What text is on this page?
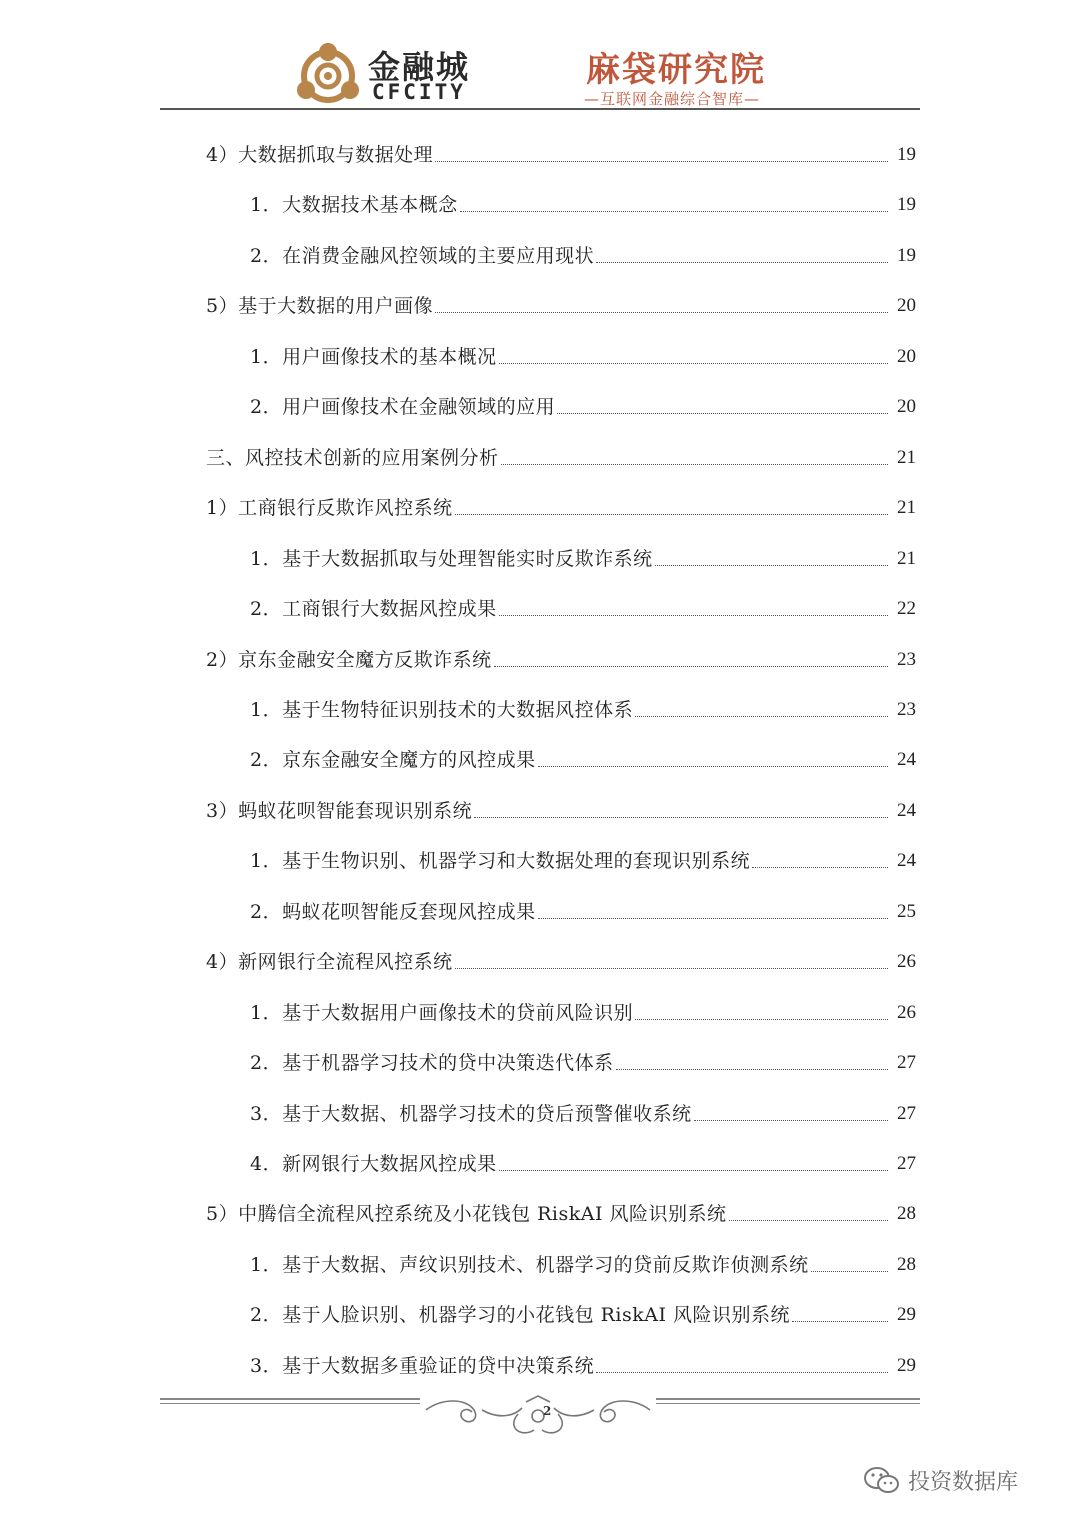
金融城
CFCITY
麻袋研究院
—互联网金融综合智库—
4）大数据抓取与数据处理	19
1．大数据技术基本概念	19
2．在消费金融风控领域的主要应用现状	19
5）基于大数据的用户画像	20
1．用户画像技术的基本概况	20
2．用户画像技术在金融领域的应用	20
三、风控技术创新的应用案例分析	21
1）工商银行反欺诈风控系统	21
1．基于大数据抓取与处理智能实时反欺诈系统	21
2．工商银行大数据风控成果	22
2）京东金融安全魔方反欺诈系统	23
1．基于生物特征识别技术的大数据风控体系	23
2．京东金融安全魔方的风控成果	24
3）蚂蚁花呗智能套现识别系统	24
1．基于生物识别、机器学习和大数据处理的套现识别系统	24
2．蚂蚁花呗智能反套现风控成果	25
4）新网银行全流程风控系统	26
1．基于大数据用户画像技术的贷前风险识别	26
2．基于机器学习技术的贷中决策迭代体系	27
3．基于大数据、机器学习技术的贷后预警催收系统	27
4．新网银行大数据风控成果	27
5）中腾信全流程风控系统及小花钱包 RiskAI 风险识别系统	28
1．基于大数据、声纹识别技术、机器学习的贷前反欺诈侦测系统	28
2．基于人脸识别、机器学习的小花钱包 RiskAI 风险识别系统	29
3．基于大数据多重验证的贷中决策系统	29
2
投资数据库
